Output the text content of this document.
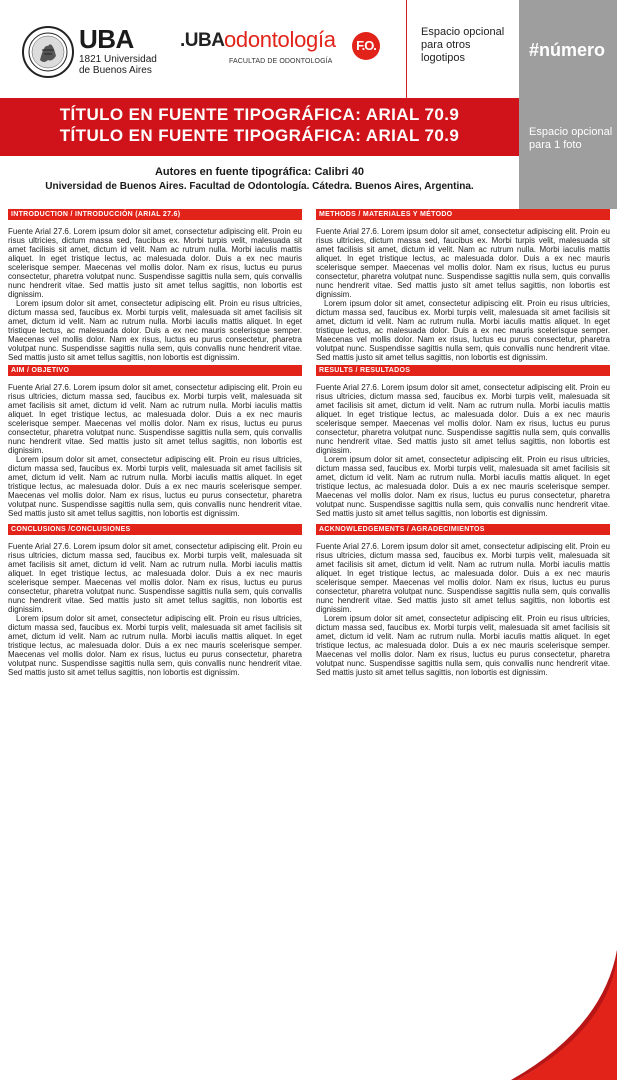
UBA
1821 Universidad
de Buenos Aires
.UBA odontología
FACULTAD DE ODONTOLOGÍA
F.O.
Espacio opcional para otros logotipos	#número
TÍTULO EN FUENTE TIPOGRÁFICA: ARIAL 70.9
TÍTULO EN FUENTE TIPOGRÁFICA: ARIAL 70.9	Espacio opcional para 1 foto
Autores en fuente tipográfica: Calibri 40
Universidad de Buenos Aires. Facultad de Odontología. Cátedra. Buenos Aires, Argentina.
INTRODUCTION / INTRODUCCIÓN (ARIAL 27.6)

Fuente Arial 27.6. Lorem ipsum dolor sit amet, consectetur adipiscing elit. Proin eu risus ultricies, dictum massa sed, faucibus ex. Morbi turpis velit, malesuada sit amet facilisis sit amet, dictum id velit. Nam ac rutrum nulla. Morbi iaculis mattis aliquet. In eget tristique lectus, ac malesuada dolor. Duis a ex nec mauris scelerisque semper. Maecenas vel mollis dolor. Nam ex risus, luctus eu purus consectetur, pharetra volutpat nunc. Suspendisse sagittis nulla sem, quis convallis nunc hendrerit vitae. Sed mattis justo sit amet tellus sagittis, non lobortis est dignissim.

Lorem ipsum dolor sit amet, consectetur adipiscing elit. Proin eu risus ultricies, dictum massa sed, faucibus ex. Morbi turpis velit, malesuada sit amet facilisis sit amet, dictum id velit. Nam ac rutrum nulla. Morbi iaculis mattis aliquet. In eget tristique lectus, ac malesuada dolor. Duis a ex nec mauris scelerisque semper. Maecenas vel mollis dolor. Nam ex risus, luctus eu purus consectetur, pharetra volutpat nunc. Suspendisse sagittis nulla sem, quis convallis nunc hendrerit vitae. Sed mattis justo sit amet tellus sagittis, non lobortis est dignissim.

METHODS / MATERIALES Y MÉTODO

Fuente Arial 27.6. Lorem ipsum dolor sit amet, consectetur adipiscing elit. Proin eu risus ultricies, dictum massa sed, faucibus ex. Morbi turpis velit, malesuada sit amet facilisis sit amet, dictum id velit. Nam ac rutrum nulla. Morbi iaculis mattis aliquet. In eget tristique lectus, ac malesuada dolor. Duis a ex nec mauris scelerisque semper. Maecenas vel mollis dolor. Nam ex risus, luctus eu purus consectetur, pharetra volutpat nunc. Suspendisse sagittis nulla sem, quis convallis nunc hendrerit vitae. Sed mattis justo sit amet tellus sagittis, non lobortis est dignissim.

Lorem ipsum dolor sit amet, consectetur adipiscing elit. Proin eu risus ultricies, dictum massa sed, faucibus ex. Morbi turpis velit, malesuada sit amet facilisis sit amet, dictum id velit. Nam ac rutrum nulla. Morbi iaculis mattis aliquet. In eget tristique lectus, ac malesuada dolor. Duis a ex nec mauris scelerisque semper. Maecenas vel mollis dolor. Nam ex risus, luctus eu purus consectetur, pharetra volutpat nunc. Suspendisse sagittis nulla sem, quis convallis nunc hendrerit vitae. Sed mattis justo sit amet tellus sagittis, non lobortis est dignissim.

AIM / OBJETIVO

Fuente Arial 27.6. Lorem ipsum dolor sit amet, consectetur adipiscing elit. Proin eu risus ultricies, dictum massa sed, faucibus ex. Morbi turpis velit, malesuada sit amet facilisis sit amet, dictum id velit. Nam ac rutrum nulla. Morbi iaculis mattis aliquet. In eget tristique lectus, ac malesuada dolor. Duis a ex nec mauris scelerisque semper. Maecenas vel mollis dolor. Nam ex risus, luctus eu purus consectetur, pharetra volutpat nunc. Suspendisse sagittis nulla sem, quis convallis nunc hendrerit vitae. Sed mattis justo sit amet tellus sagittis, non lobortis est dignissim.

Lorem ipsum dolor sit amet, consectetur adipiscing elit. Proin eu risus ultricies, dictum massa sed, faucibus ex. Morbi turpis velit, malesuada sit amet facilisis sit amet, dictum id velit. Nam ac rutrum nulla. Morbi iaculis mattis aliquet. In eget tristique lectus, ac malesuada dolor. Duis a ex nec mauris scelerisque semper. Maecenas vel mollis dolor. Nam ex risus, luctus eu purus consectetur, pharetra volutpat nunc. Suspendisse sagittis nulla sem, quis convallis nunc hendrerit vitae. Sed mattis justo sit amet tellus sagittis, non lobortis est dignissim.

RESULTS / RESULTADOS

Fuente Arial 27.6. Lorem ipsum dolor sit amet, consectetur adipiscing elit. Proin eu risus ultricies, dictum massa sed, faucibus ex. Morbi turpis velit, malesuada sit amet facilisis sit amet, dictum id velit. Nam ac rutrum nulla. Morbi iaculis mattis aliquet. In eget tristique lectus, ac malesuada dolor. Duis a ex nec mauris scelerisque semper. Maecenas vel mollis dolor. Nam ex risus, luctus eu purus consectetur, pharetra volutpat nunc. Suspendisse sagittis nulla sem, quis convallis nunc hendrerit vitae. Sed mattis justo sit amet tellus sagittis, non lobortis est dignissim.

Lorem ipsum dolor sit amet, consectetur adipiscing elit. Proin eu risus ultricies, dictum massa sed, faucibus ex. Morbi turpis velit, malesuada sit amet facilisis sit amet, dictum id velit. Nam ac rutrum nulla. Morbi iaculis mattis aliquet. In eget tristique lectus, ac malesuada dolor. Duis a ex nec mauris scelerisque semper. Maecenas vel mollis dolor. Nam ex risus, luctus eu purus consectetur, pharetra volutpat nunc. Suspendisse sagittis nulla sem, quis convallis nunc hendrerit vitae. Sed mattis justo sit amet tellus sagittis, non lobortis est dignissim.

CONCLUSIONS /CONCLUSIONES

Fuente Arial 27.6. Lorem ipsum dolor sit amet, consectetur adipiscing elit. Proin eu risus ultricies, dictum massa sed, faucibus ex. Morbi turpis velit, malesuada sit amet facilisis sit amet, dictum id velit. Nam ac rutrum nulla. Morbi iaculis mattis aliquet. In eget tristique lectus, ac malesuada dolor. Duis a ex nec mauris scelerisque semper. Maecenas vel mollis dolor. Nam ex risus, luctus eu purus consectetur, pharetra volutpat nunc. Suspendisse sagittis nulla sem, quis convallis nunc hendrerit vitae. Sed mattis justo sit amet tellus sagittis, non lobortis est dignissim.

Lorem ipsum dolor sit amet, consectetur adipiscing elit. Proin eu risus ultricies, dictum massa sed, faucibus ex. Morbi turpis velit, malesuada sit amet facilisis sit amet, dictum id velit. Nam ac rutrum nulla. Morbi iaculis mattis aliquet. In eget tristique lectus, ac malesuada dolor. Duis a ex nec mauris scelerisque semper. Maecenas vel mollis dolor. Nam ex risus, luctus eu purus consectetur, pharetra volutpat nunc. Suspendisse sagittis nulla sem, quis convallis nunc hendrerit vitae. Sed mattis justo sit amet tellus sagittis, non lobortis est dignissim.

ACKNOWLEDGEMENTS / AGRADECIMIENTOS

Fuente Arial 27.6. Lorem ipsum dolor sit amet, consectetur adipiscing elit. Proin eu risus ultricies, dictum massa sed, faucibus ex. Morbi turpis velit, malesuada sit amet facilisis sit amet, dictum id velit. Nam ac rutrum nulla. Morbi iaculis mattis aliquet. In eget tristique lectus, ac malesuada dolor. Duis a ex nec mauris scelerisque semper. Maecenas vel mollis dolor. Nam ex risus, luctus eu purus consectetur, pharetra volutpat nunc. Suspendisse sagittis nulla sem, quis convallis nunc hendrerit vitae. Sed mattis justo sit amet tellus sagittis, non lobortis est dignissim.

Lorem ipsum dolor sit amet, consectetur adipiscing elit. Proin eu risus ultricies, dictum massa sed, faucibus ex. Morbi turpis velit, malesuada sit amet facilisis sit amet, dictum id velit. Nam ac rutrum nulla. Morbi iaculis mattis aliquet. In eget tristique lectus, ac malesuada dolor. Duis a ex nec mauris scelerisque semper. Maecenas vel mollis dolor. Nam ex risus, luctus eu purus consectetur, pharetra volutpat nunc. Suspendisse sagittis nulla sem, quis convallis nunc hendrerit vitae. Sed mattis justo sit amet tellus sagittis, non lobortis est dignissim.
